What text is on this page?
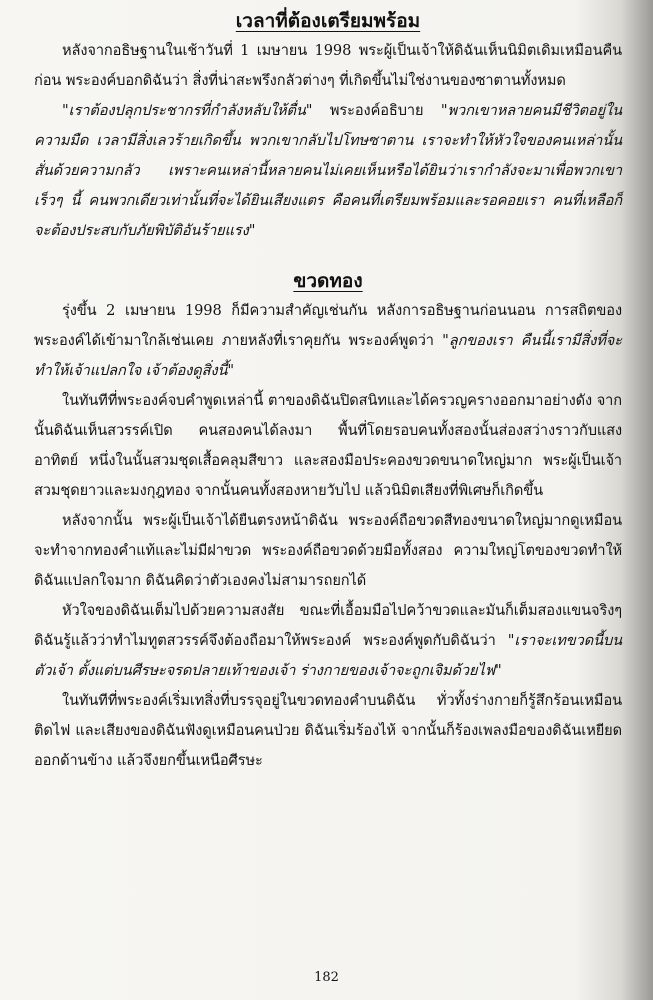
เวลาที่ต้องเตรียมพร้อม

หลังจากอธิษฐานในเช้าวันที่ 1 เมษายน 1998 พระผู้เป็นเจ้าให้ดิฉันเห็นนิมิตเดิมเหมือนคืนก่อน พระองค์บอกดิฉันว่า สิ่งที่น่าสะพรึงกลัวต่างๆ ที่เกิดขึ้นไม่ใช่งานของซาตานทั้งหมด

"เราต้องปลุกประชากรที่กำลังหลับให้ตื่น" พระองค์อธิบาย "พวกเขาหลายคนมีชีวิตอยู่ในความมืด เวลามีสิ่งเลวร้ายเกิดขึ้น พวกเขากลับไปโทษซาตาน เราจะทำให้หัวใจของคนเหล่านั้นสั่นด้วยความกลัว เพราะคนเหล่านี้หลายคนไม่เคยเห็นหรือได้ยินว่าเรากำลังจะมาเพื่อพวกเขาเร็วๆ นี้ คนพวกเดียวเท่านั้นที่จะได้ยินเสียงแตร คือคนที่เตรียมพร้อมและรอคอยเรา คนที่เหลือก็จะต้องประสบกับภัยพิบัติอันร้ายแรง"

ขวดทอง

รุ่งขึ้น 2 เมษายน 1998 ก็มีความสำคัญเช่นกัน หลังการอธิษฐานก่อนนอน การสถิตของพระองค์ได้เข้ามาใกล้เช่นเคย ภายหลังที่เราคุยกัน พระองค์พูดว่า "ลูกของเรา คืนนี้เรามีสิ่งที่จะทำให้เจ้าแปลกใจ เจ้าต้องดูสิ่งนี้"

ในทันทีที่พระองค์จบคำพูดเหล่านี้ ตาของดิฉันปิดสนิทและได้ครวญครางออกมาอย่างดัง จากนั้นดิฉันเห็นสวรรค์เปิด คนสองคนได้ลงมา พื้นที่โดยรอบคนทั้งสองนั้นส่องสว่างราวกับแสงอาทิตย์ หนึ่งในนั้นสวมชุดเสื้อคลุมสีขาว และสองมือประคองขวดขนาดใหญ่มาก พระผู้เป็นเจ้าสวมชุดยาวและมงกุฎทอง จากนั้นคนทั้งสองหายวับไป แล้วนิมิตเสียงที่พิเศษก็เกิดขึ้น

หลังจากนั้น พระผู้เป็นเจ้าได้ยืนตรงหน้าดิฉัน พระองค์ถือขวดสีทองขนาดใหญ่มากดูเหมือนจะทำจากทองคำแท้และไม่มีฝาขวด พระองค์ถือขวดด้วยมือทั้งสอง ความใหญ่โตของขวดทำให้ดิฉันแปลกใจมาก ดิฉันคิดว่าตัวเองคงไม่สามารถยกได้

หัวใจของดิฉันเต็มไปด้วยความสงสัย ขณะที่เอื้อมมือไปคว้าขวดและมันก็เต็มสองแขนจริงๆ ดิฉันรู้แล้วว่าทำไมทูตสวรรค์จึงต้องถือมาให้พระองค์ พระองค์พูดกับดิฉันว่า "เราจะเทขวดนี้บนตัวเจ้า ตั้งแต่บนศีรษะจรดปลายเท้าของเจ้า ร่างกายของเจ้าจะถูกเจิมด้วยไฟ"

ในทันทีที่พระองค์เริ่มเทสิ่งที่บรรจุอยู่ในขวดทองคำบนดิฉัน ทั่วทั้งร่างกายก็รู้สึกร้อนเหมือนติดไฟ และเสียงของดิฉันฟังดูเหมือนคนป่วย ดิฉันเริ่มร้องไห้ จากนั้นก็ร้องเพลงมือของดิฉันเหยียดออกด้านข้าง แล้วจึงยกขึ้นเหนือศีรษะ

182
